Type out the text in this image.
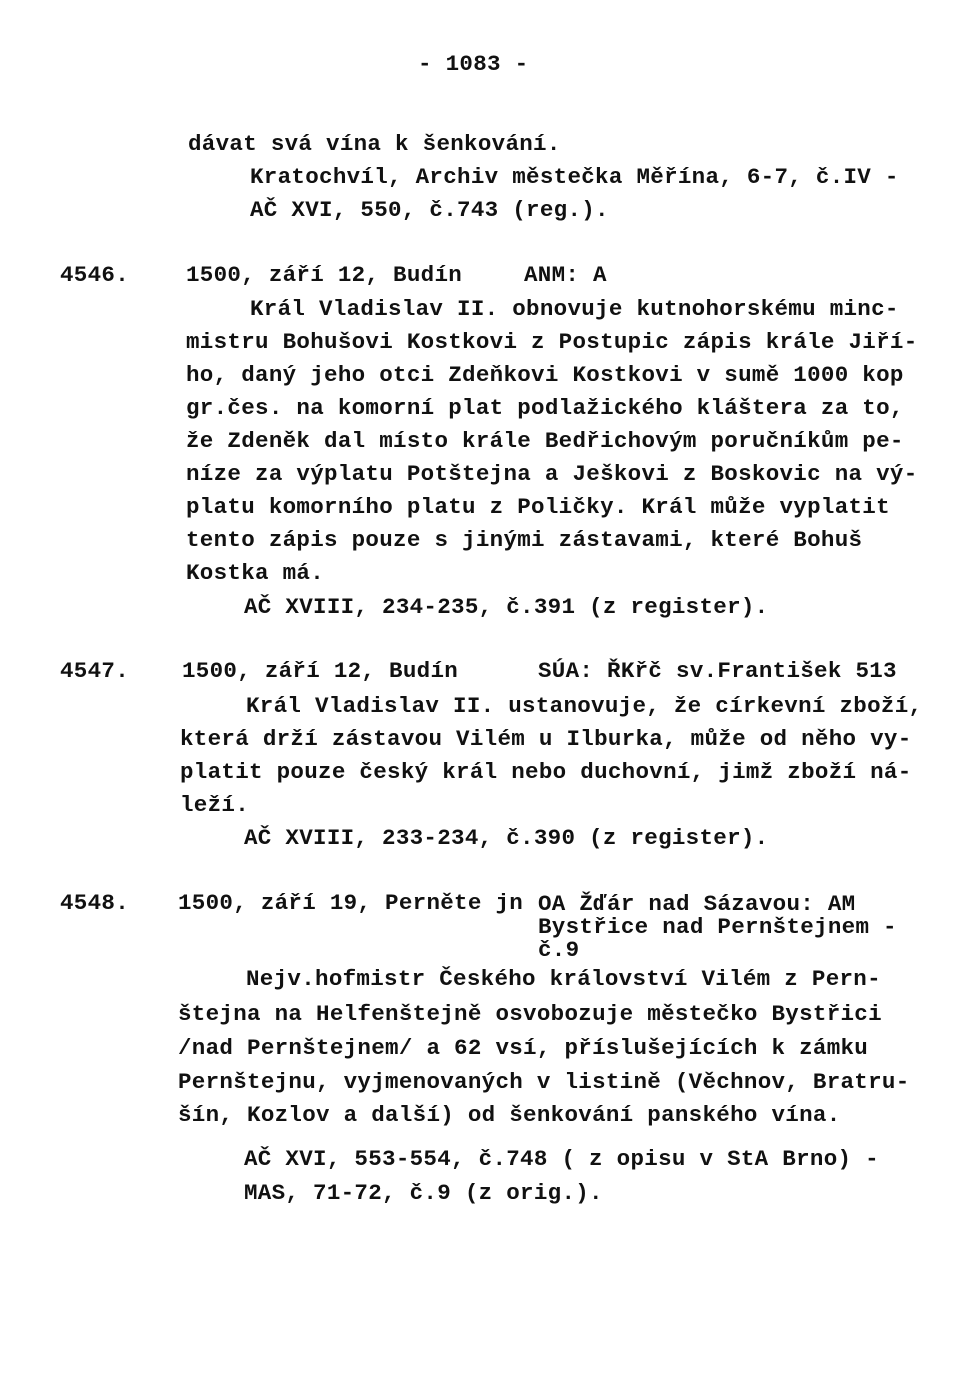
- 1083 -
dávat svá vína k šenkování.
Kratochvíl, Archiv městečka Měřína, 6-7, č.IV -
AČ XVI, 550, č.743 (reg.).
4546.	1500, září 12, Budín	ANM: A
Král Vladislav II. obnovuje kutnohorskému minc-
mistru Bohušovi Kostkovi z Postupic zápis krále Jiří-
ho, daný jeho otci Zdeňkovi Kostkovi v sumě 1000 kop
gr.čes. na komorní plat podlažického kláštera za to,
že Zdeněk dal místo krále Bedřichovým poručníkům pe-
níze za výplatu Potštejna a Ješkovi z Boskovic na vý-
platu komorního platu z Poličky. Král může vyplatit
tento zápis pouze s jinými zástavami, které Bohuš
Kostka má.
AČ XVIII, 234-235, č.391 (z register).
4547. 1500, září 12, Budín	SÚA: ŘKřč sv.František 513
Král Vladislav II. ustanovuje, že církevní zboží,
která drží zástavou Vilém u Ilburka, může od něho vy-
platit pouze český král nebo duchovní, jimž zboží ná-
leží.
AČ XVIII, 233-234, č.390 (z register).
4548. 1500, září 19, Perněte jn OA Žďár nad Sázavou: AM
Bystřice nad Pernštejnem -
č.9
Nejv.hofmistr Českého království Vilém z Pern-
štejna na Helfenštejně osvobozuje městečko Bystřici
/nad Pernštejnem/ a 62 vsí, příslušejících k zámku
Pernštejnu, vyjmenovaných v listině (Věchnov, Bratru-
šín, Kozlov a další) od šenkování panského vína.
AČ XVI, 553-554, č.748 ( z opisu v StA Brno) -
MAS, 71-72, č.9 (z orig.).
